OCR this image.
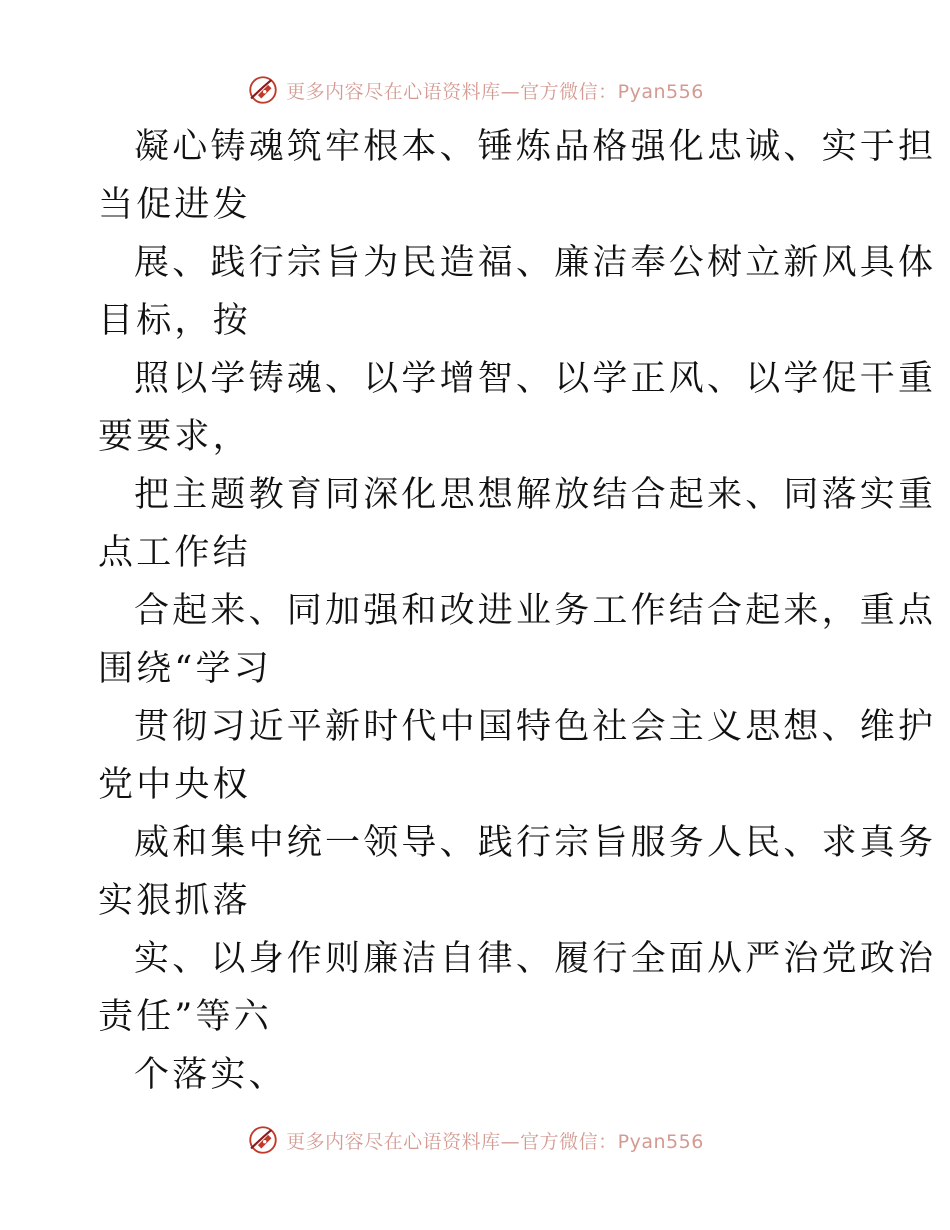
更多内容尽在心语资料库—官方微信：Pyan556

凝心铸魂筑牢根本、锤炼品格强化忠诚、实于担

当促进发

展、践行宗旨为民造福、廉洁奉公树立新风具体

目标，按

照以学铸魂、以学增智、以学正风、以学促干重

要要求，

把主题教育同深化思想解放结合起来、同落实重

点工作结

合起来、同加强和改进业务工作结合起来，重点

围绕“学习

贯彻习近平新时代中国特色社会主义思想、维护

党中央权

威和集中统一领导、践行宗旨服务人民、求真务

实狠抓落

实、以身作则廉洁自律、履行全面从严治党政治

责任”等六

个落实、

更多内容尽在心语资料库—官方微信：Pyan556
